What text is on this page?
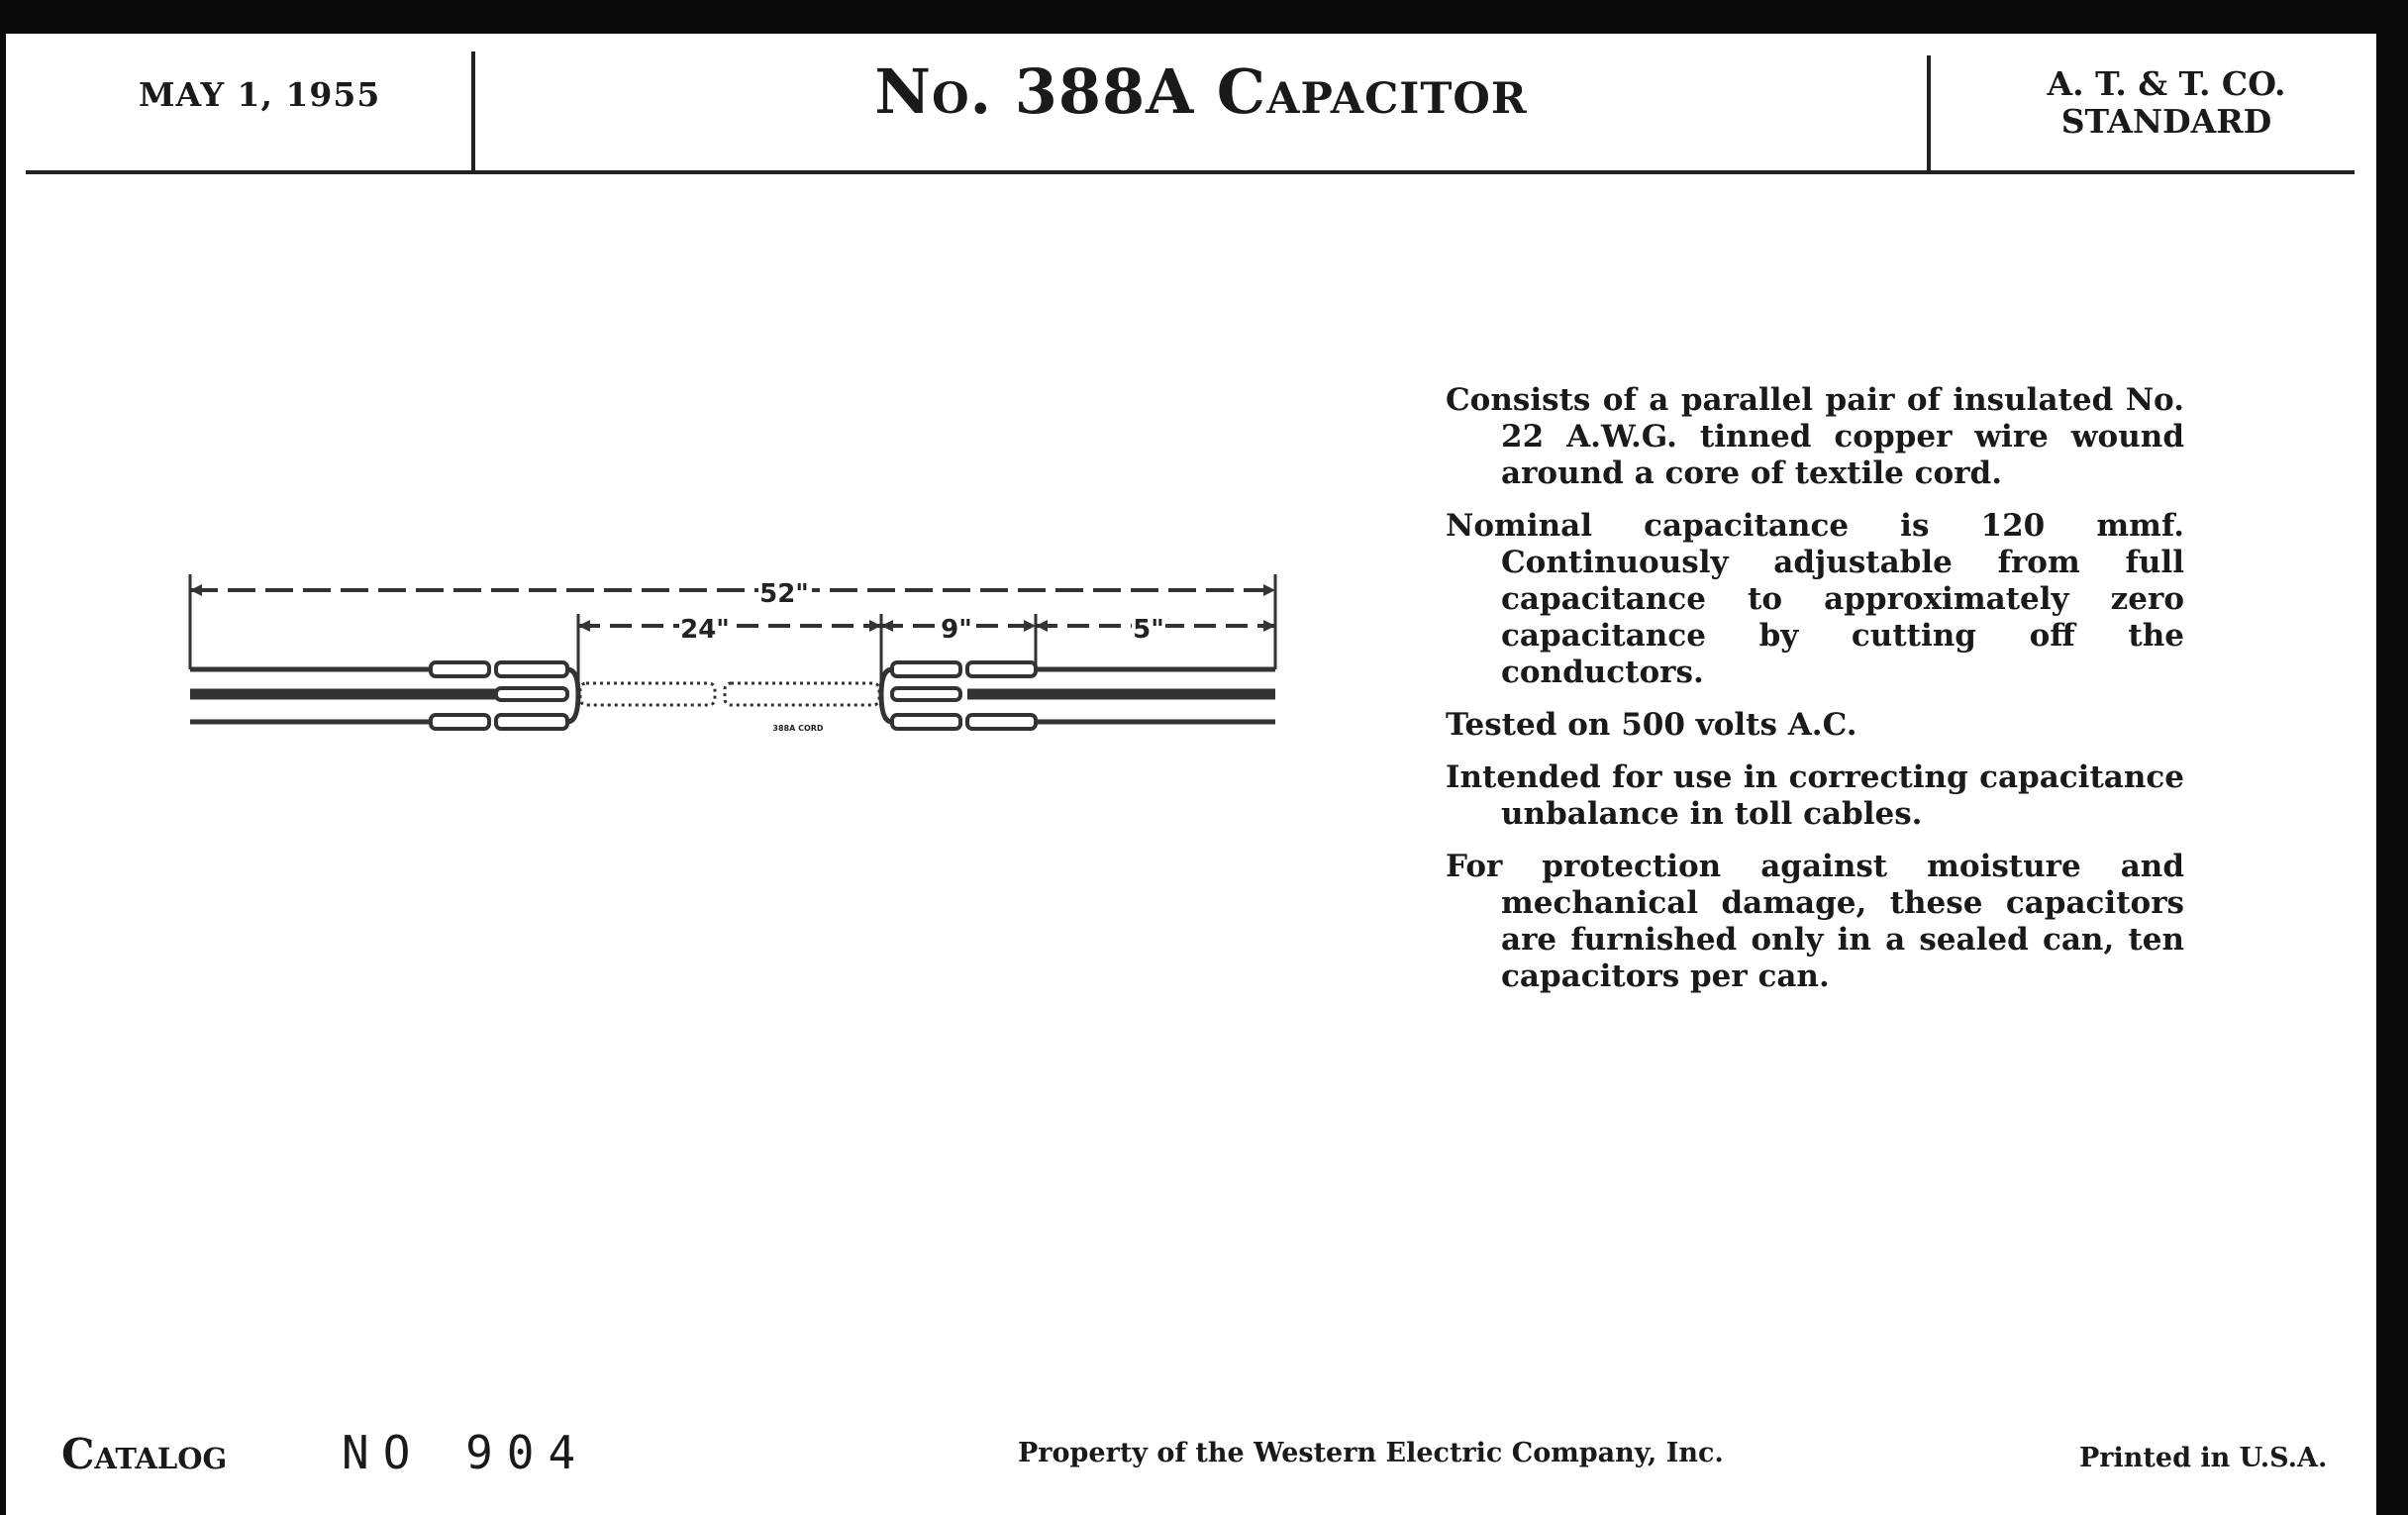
MAY 1, 1955	No. 388A Capacitor	A. T. & T. CO.
STANDARD
52"
24"	9"	5"
388A CORD

Consists of a parallel pair of insulated No. 22 A.W.G. tinned copper wire wound around a core of textile cord.

Nominal capacitance is 120 mmf. Continuously adjustable from full capacitance to approximately zero capacitance by cutting off the conductors.

Tested on 500 volts A.C.

Intended for use in correcting capacitance unbalance in toll cables.

For protection against moisture and mechanical damage, these capacitors are furnished only in a sealed can, ten capacitors per can.

Catalog	NO 904	Property of the Western Electric Company, Inc.	Printed in U.S.A.
